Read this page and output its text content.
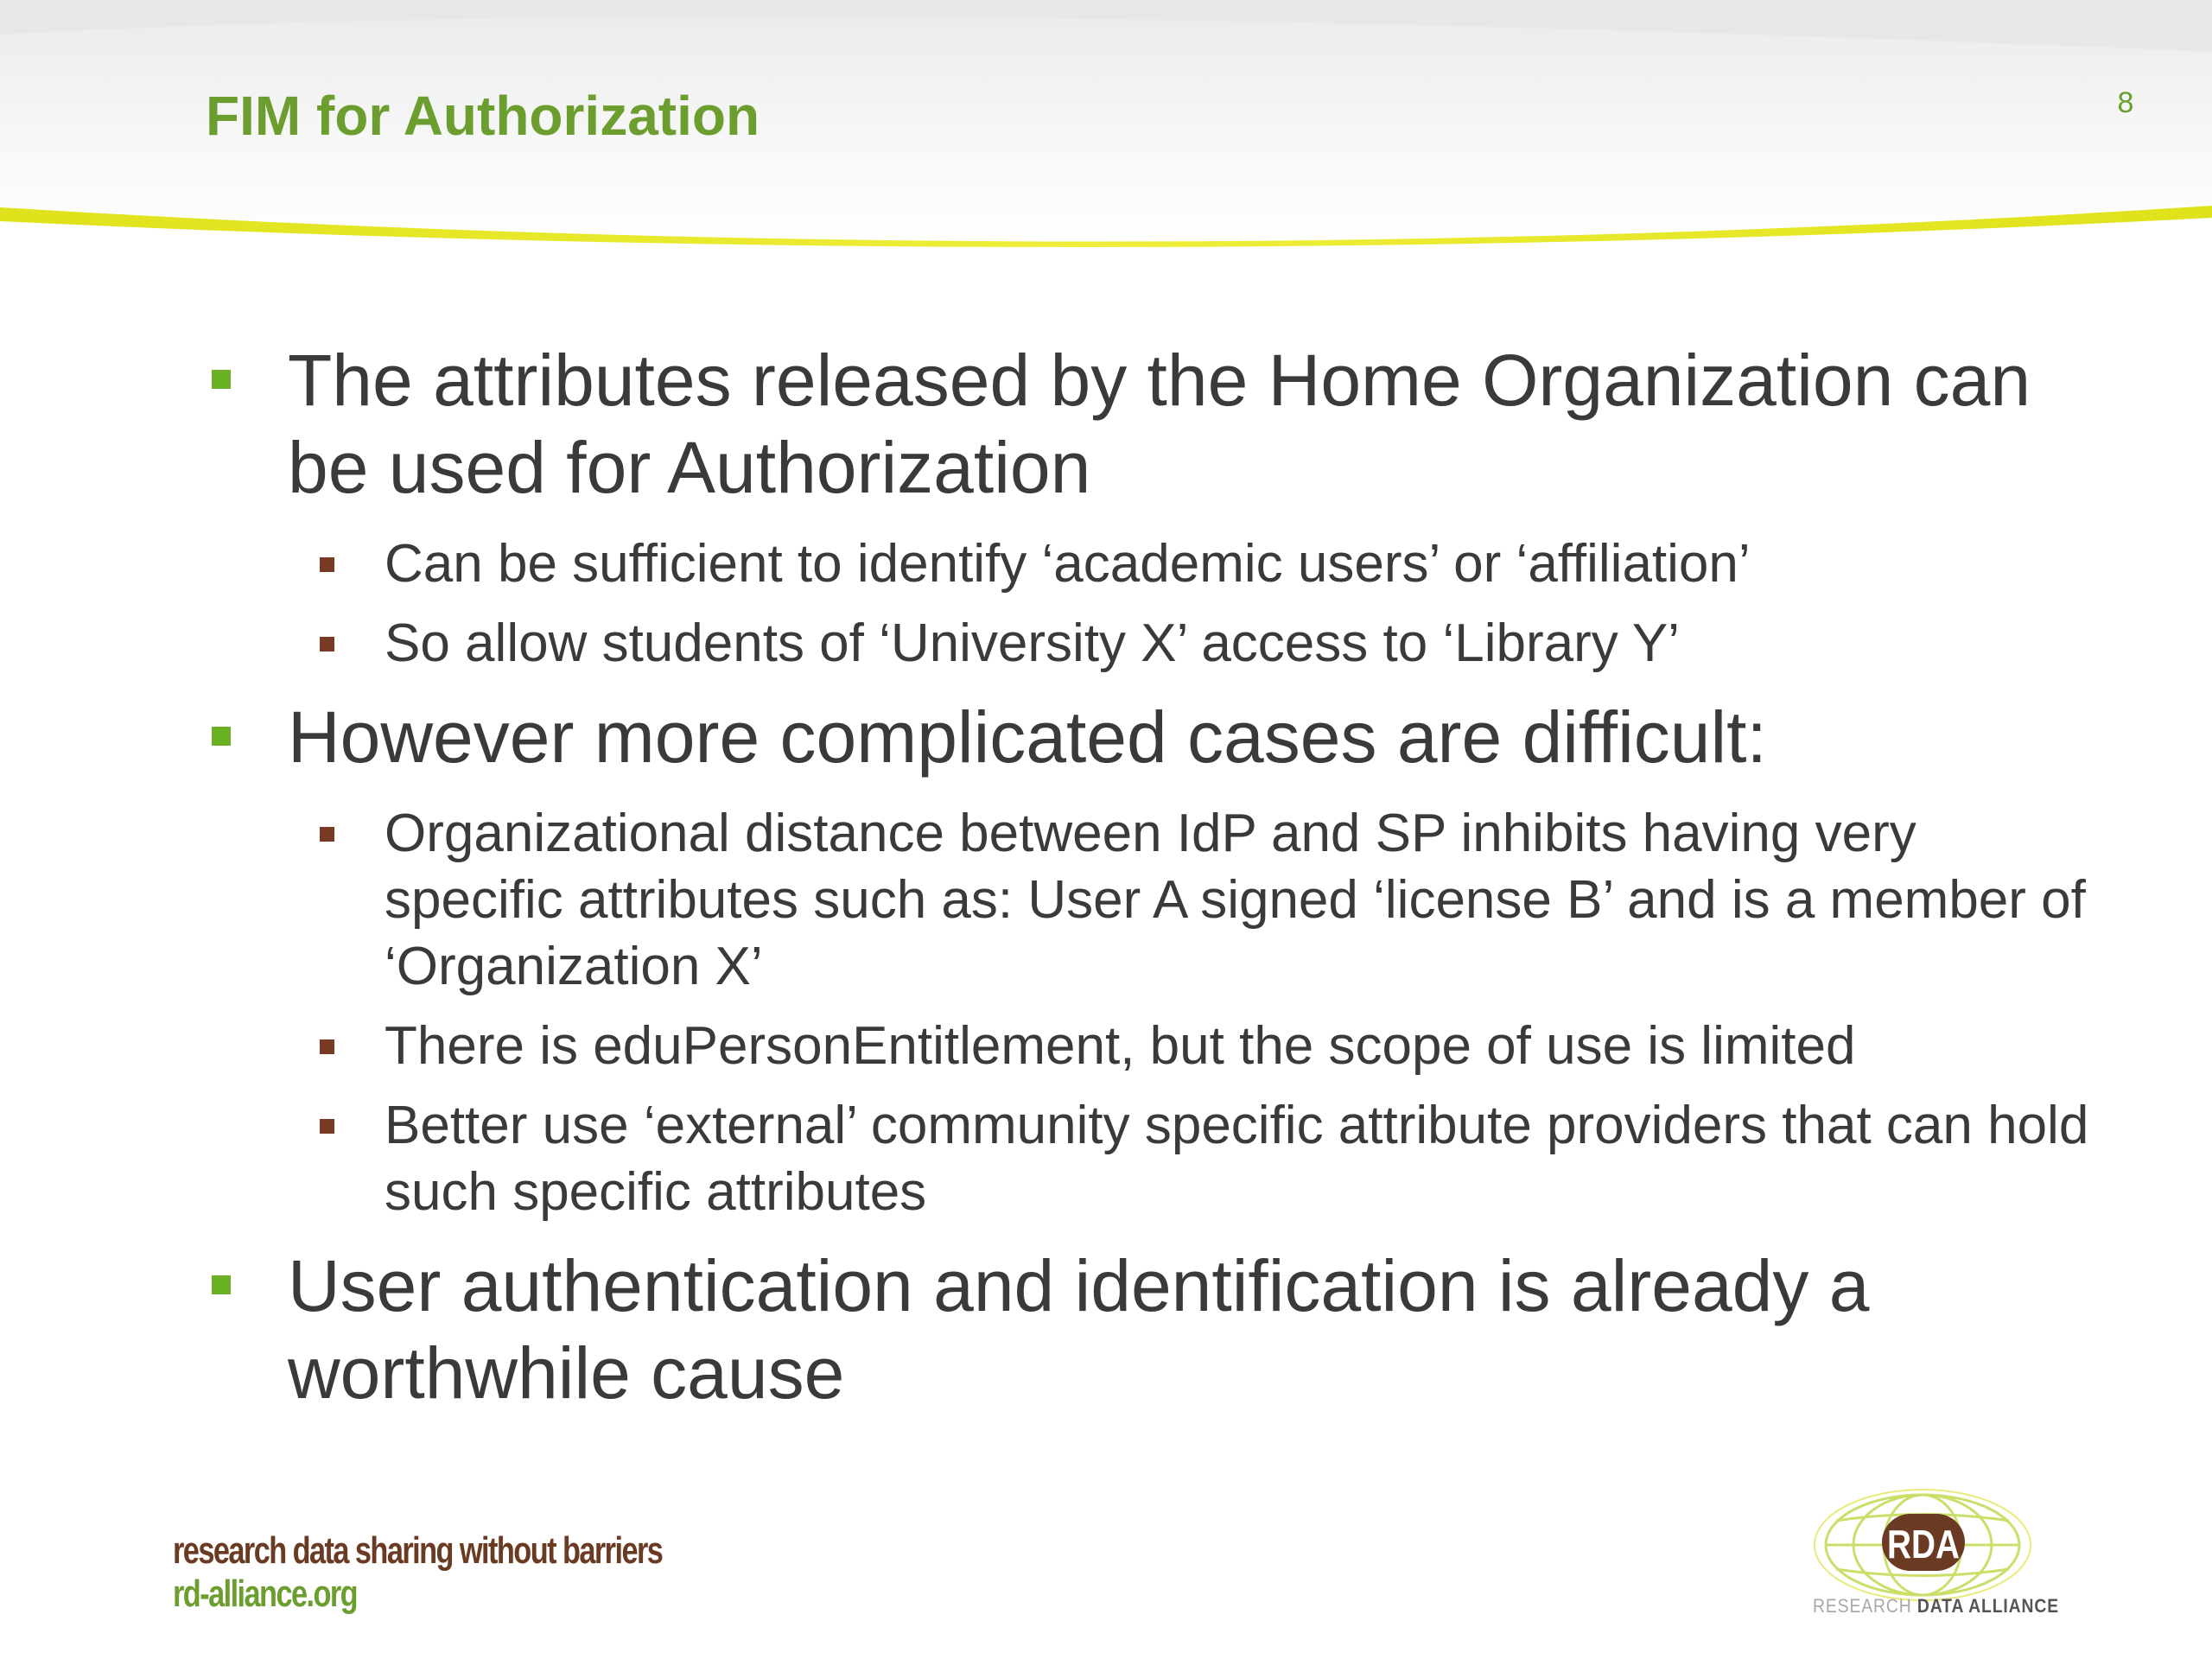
FIM for Authorization	8
The attributes released by the Home Organization can be used for Authorization
Can be sufficient to identify ‘academic users’ or ‘affiliation’
So allow students of ‘University X’ access to ‘Library Y’
However more complicated cases are difficult:
Organizational distance between IdP and SP inhibits having very specific attributes such as: User A signed ‘license B’ and is a member of ‘Organization X’
There is eduPersonEntitlement, but the scope of use is limited
Better use ‘external’ community specific attribute providers that can hold such specific attributes
User authentication and identification is already a worthwhile cause
research data sharing without barriers
rd-alliance.org
RDA
RESEARCH DATA ALLIANCE
